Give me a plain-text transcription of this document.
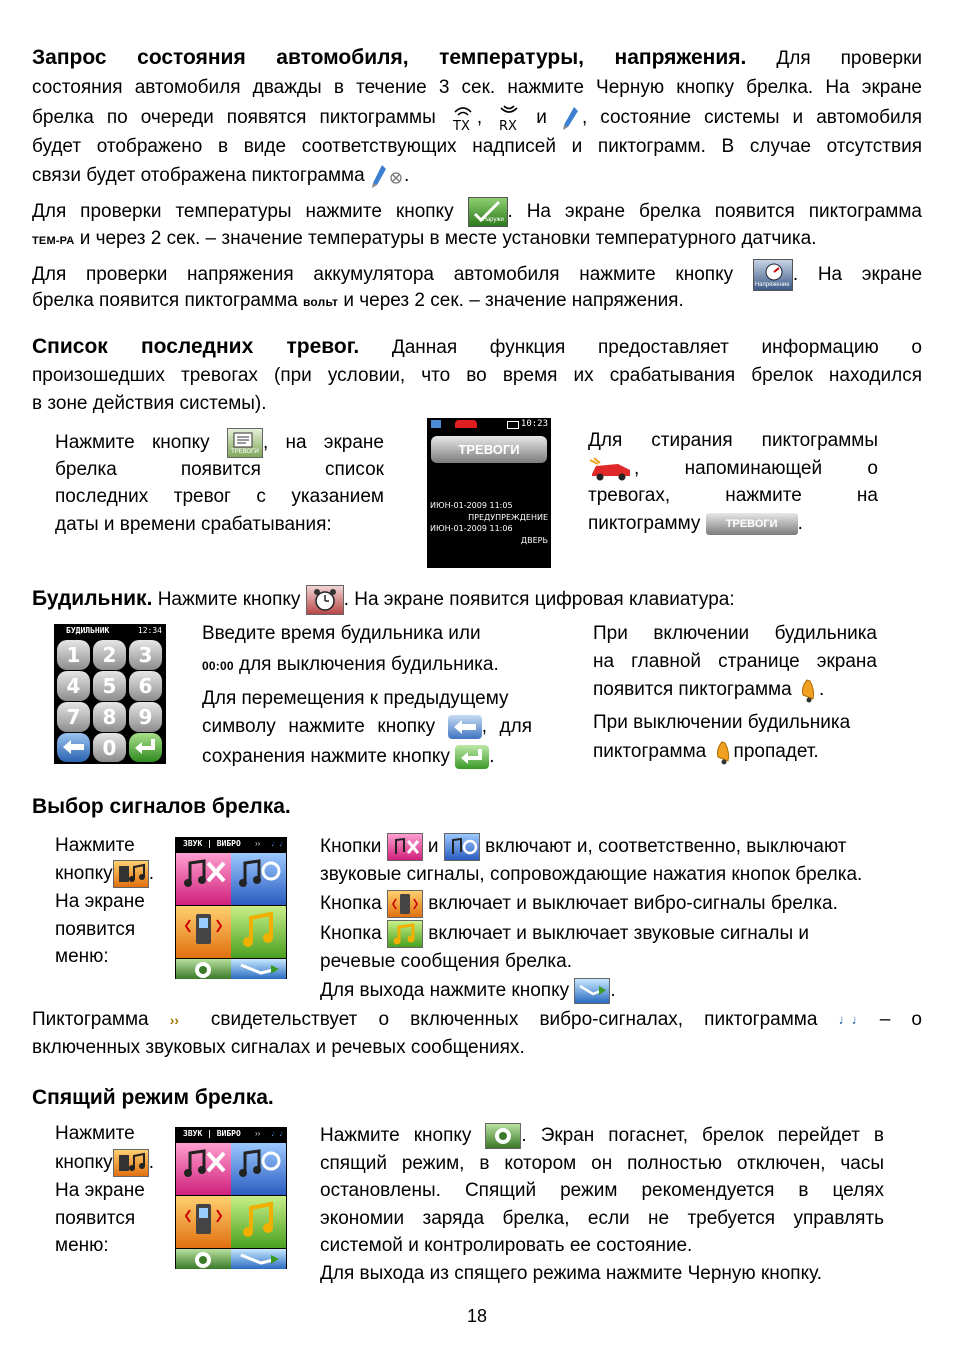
Запрос состояния автомобиля, температуры, напряжения. Для проверки
состояния автомобиля дважды в течение 3 сек. нажмите Черную кнопку брелка. На экране
брелка по очереди появятся пиктограммы TX , RX и , состояние системы и автомобиля
будет отображено в виде соответствующих надписей и пиктограмм. В случае отсутствия
связи будет отображена пиктограмма .
Для проверки температуры нажмите кнопку	Наружи . На экране брелка появится пиктограмма
ТЕМ-РА и через 2 сек. – значение температуры в месте установки температурного датчика.
Для проверки напряжения аккумулятора автомобиля нажмите кнопку	Напряжение . На экране
брелка появится пиктограмма вольт и через 2 сек. – значение напряжения.
Список последних тревог. Данная функция предоставляет информацию о
произошедших тревогах (при условии, что во время их срабатывания брелок находился
в зоне действия системы).
Нажмите кнопку	ТРЕВОГИ , на экране
брелка появится список
последних тревог с указанием
даты и времени срабатывания:
10:23
ТРЕВОГИ
ИЮН-01-2009 11:05
ПРЕДУПРЕЖДЕНИЕ
ИЮН-01-2009 11:06
ДВЕРЬ
Для стирания пиктограммы
, напоминающей о
тревогах, нажмите на
пиктограмму ТРЕВОГИ .
Будильник. Нажмите кнопку . На экране появится цифровая клавиатура:
БУДИЛЬНИК	12:34
1	2	3
4	5	6
7	8	9
0
Введите время будильника или
00:00 для выключения будильника.
Для перемещения к предыдущему
символу нажмите кнопку , для
сохранения нажмите кнопку .
При включении будильника
на главной странице экрана
появится пиктограмма .
При выключении будильника
пиктограмма пропадет.
Выбор сигналов брелка.
Нажмите
кнопку .
На экране
появится
меню:
ЗВУК | ВИБРО ›› ♩♩ Кнопки и включают и, соответственно, выключают
звуковые сигналы, сопровождающие нажатия кнопок брелка.
Кнопка включает и выключает вибро-сигналы брелка.
Кнопка включает и выключает звуковые сигналы и
речевые сообщения брелка.
Для выхода нажмите кнопку .
Пиктограмма ›› свидетельствует о включенных вибро-сигналах, пиктограмма ♩♩ – о
включенных звуковых сигналах и речевых сообщениях.
Спящий режим брелка.
Нажмите
кнопку .
На экране
появится
меню:
ЗВУК | ВИБРО ›› ♩♩ Нажмите кнопку	. Экран погаснет, брелок перейдет в
спящий режим, в котором он полностью отключен, часы
остановлены. Спящий режим рекомендуется в целях
экономии заряда брелка, если не требуется управлять
системой и контролировать ее состояние.
Для выхода из спящего режима нажмите Черную кнопку.
18
